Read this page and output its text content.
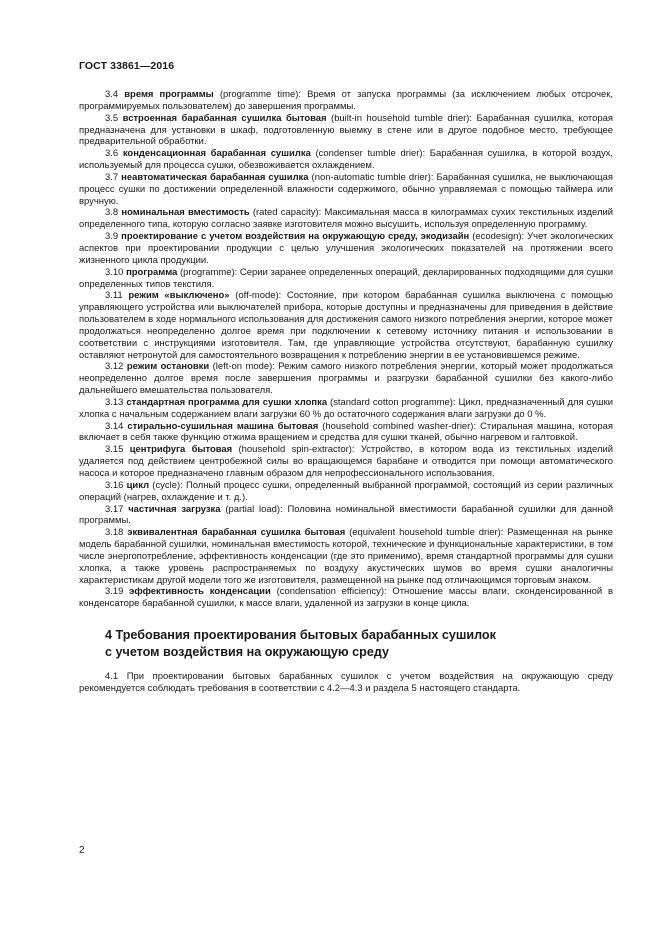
ГОСТ 33861—2016

3.4 время программы (programme time): Время от запуска программы (за исключением любых отсрочек, программируемых пользователем) до завершения программы.

3.5 встроенная барабанная сушилка бытовая (built-in household tumble drier): Барабанная сушилка, которая предназначена для установки в шкаф, подготовленную выемку в стене или в другое подобное место, требующее предварительной обработки.

3.6 конденсационная барабанная сушилка (condenser tumble drier): Барабанная сушилка, в которой воздух, используемый для процесса сушки, обезвоживается охлаждением.

3.7 неавтоматическая барабанная сушилка (non-automatic tumble drier): Барабанная сушилка, не выключающая процесс сушки по достижении определенной влажности содержимого, обычно управляемая с помощью таймера или вручную.

3.8 номинальная вместимость (rated capacity): Максимальная масса в килограммах сухих текстильных изделий определенного типа, которую согласно заявке изготовителя можно высушить, используя определенную программу.

3.9 проектирование с учетом воздействия на окружающую среду, экодизайн (ecodesign): Учет экологических аспектов при проектировании продукции с целью улучшения экологических показателей на протяжении всего жизненного цикла продукции.

3.10 программа (programme): Серии заранее определенных операций, декларированных подходящими для сушки определенных типов текстиля.

3.11 режим «выключено» (off-mode): Состояние, при котором барабанная сушилка выключена с помощью управляющего устройства или выключателей прибора, которые доступны и предназначены для приведения в действие пользователем в ходе нормального использования для достижения самого низкого потребления энергии, которое может продолжаться неопределенно долгое время при подключении к сетевому источнику питания и использовании в соответствии с инструкциями изготовителя. Там, где управляющие устройства отсутствуют, барабанную сушилку оставляют нетронутой для самостоятельного возвращения к потреблению энергии в ее установившемся режиме.

3.12 режим остановки (left-on mode): Режим самого низкого потребления энергии, который может продолжаться неопределенно долгое время после завершения программы и разгрузки барабанной сушилки без какого-либо дальнейшего вмешательства пользователя.

3.13 стандартная программа для сушки хлопка (standard cotton programme): Цикл, предназначенный для сушки хлопка с начальным содержанием влаги загрузки 60 % до остаточного содержания влаги загрузки до 0 %.

3.14 стирально-сушильная машина бытовая (household combined washer-drier): Стиральная машина, которая включает в себя также функцию отжима вращением и средства для сушки тканей, обычно нагревом и галтовкой.

3.15 центрифуга бытовая (household spin-extractor): Устройство, в котором вода из текстильных изделий удаляется под действием центробежной силы во вращающемся барабане и отводится при помощи автоматического насоса и которое предназначено главным образом для непрофессионального использования.

3.16 цикл (cycle): Полный процесс сушки, определенный выбранной программой, состоящий из серии различных операций (нагрев, охлаждение и т. д.).

3.17 частичная загрузка (partial load): Половина номинальной вместимости барабанной сушилки для данной программы.

3.18 эквивалентная барабанная сушилка бытовая (equivalent household tumble drier): Размещенная на рынке модель барабанной сушилки, номинальная вместимость которой, технические и функциональные характеристики, в том числе энергопотребление, эффективность конденсации (где это применимо), время стандартной программы для сушки хлопка, а также уровень распространяемых по воздуху акустических шумов во время сушки аналогичны характеристикам другой модели того же изготовителя, размещенной на рынке под отличающимся торговым знаком.

3.19 эффективность конденсации (condensation efficiency): Отношение массы влаги, сконденсированной в конденсаторе барабанной сушилки, к массе влаги, удаленной из загрузки в конце цикла.

4 Требования проектирования бытовых барабанных сушилок
с учетом воздействия на окружающую среду

4.1 При проектировании бытовых барабанных сушилок с учетом воздействия на окружающую среду рекомендуется соблюдать требования в соответствии с 4.2—4.3 и раздела 5 настоящего стандарта.

2
